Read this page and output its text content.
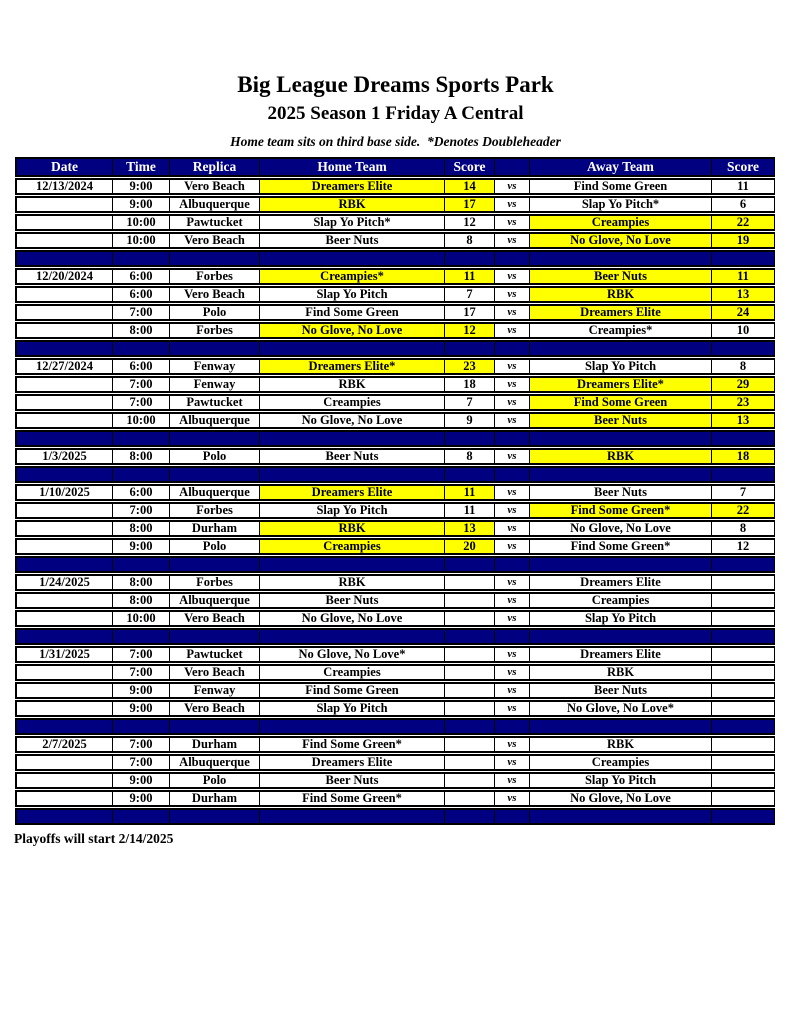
Big League Dreams Sports Park
2025 Season 1 Friday A Central
Home team sits on third base side.  *Denotes Doubleheader
Date	Time	Replica	Home Team	Score		Away Team	Score
12/13/2024	9:00	Vero Beach	Dreamers Elite	14	vs	Find Some Green	11
	9:00	Albuquerque	RBK	17	vs	Slap Yo Pitch*	6
	10:00	Pawtucket	Slap Yo Pitch*	12	vs	Creampies	22
	10:00	Vero Beach	Beer Nuts	8	vs	No Glove, No Love	19

12/20/2024	6:00	Forbes	Creampies*	11	vs	Beer Nuts	11
	6:00	Vero Beach	Slap Yo Pitch	7	vs	RBK	13
	7:00	Polo	Find Some Green	17	vs	Dreamers Elite	24
	8:00	Forbes	No Glove, No Love	12	vs	Creampies*	10

12/27/2024	6:00	Fenway	Dreamers Elite*	23	vs	Slap Yo Pitch	8
	7:00	Fenway	RBK	18	vs	Dreamers Elite*	29
	7:00	Pawtucket	Creampies	7	vs	Find Some Green	23
	10:00	Albuquerque	No Glove, No Love	9	vs	Beer Nuts	13

1/3/2025	8:00	Polo	Beer Nuts	8	vs	RBK	18

1/10/2025	6:00	Albuquerque	Dreamers Elite	11	vs	Beer Nuts	7
	7:00	Forbes	Slap Yo Pitch	11	vs	Find Some Green*	22
	8:00	Durham	RBK	13	vs	No Glove, No Love	8
	9:00	Polo	Creampies	20	vs	Find Some Green*	12

1/24/2025	8:00	Forbes	RBK		vs	Dreamers Elite	
	8:00	Albuquerque	Beer Nuts		vs	Creampies	
	10:00	Vero Beach	No Glove, No Love		vs	Slap Yo Pitch	

1/31/2025	7:00	Pawtucket	No Glove, No Love*		vs	Dreamers Elite	
	7:00	Vero Beach	Creampies		vs	RBK	
	9:00	Fenway	Find Some Green		vs	Beer Nuts	
	9:00	Vero Beach	Slap Yo Pitch		vs	No Glove, No Love*	

2/7/2025	7:00	Durham	Find Some Green*		vs	RBK	
	7:00	Albuquerque	Dreamers Elite		vs	Creampies	
	9:00	Polo	Beer Nuts		vs	Slap Yo Pitch	
	9:00	Durham	Find Some Green*		vs	No Glove, No Love	

Playoffs will start 2/14/2025
